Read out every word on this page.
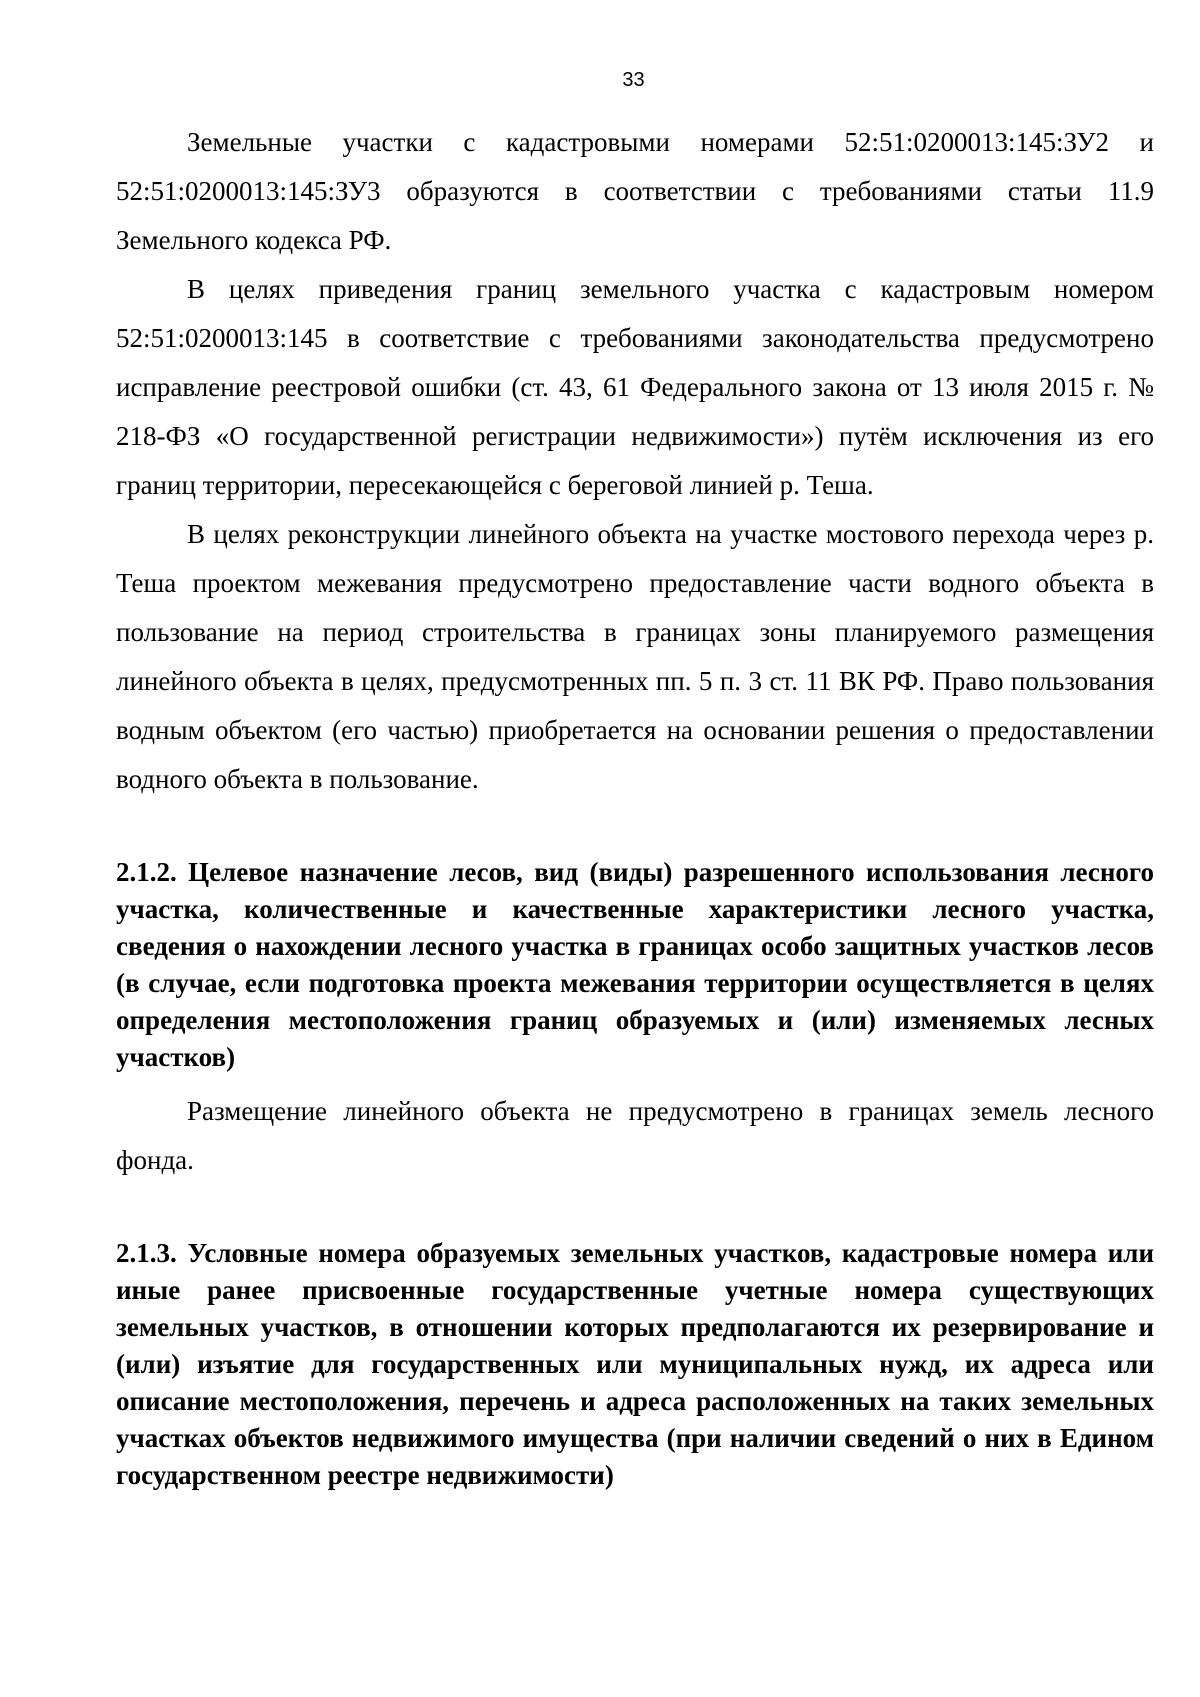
33

Земельные участки с кадастровыми номерами 52:51:0200013:145:ЗУ2 и 52:51:0200013:145:ЗУ3 образуются в соответствии с требованиями статьи 11.9 Земельного кодекса РФ.

В целях приведения границ земельного участка с кадастровым номером 52:51:0200013:145 в соответствие с требованиями законодательства предусмотрено исправление реестровой ошибки (ст. 43, 61 Федерального закона от 13 июля 2015 г. № 218-ФЗ «О государственной регистрации недвижимости») путём исключения из его границ территории, пересекающейся с береговой линией р. Теша.

В целях реконструкции линейного объекта на участке мостового перехода через р. Теша проектом межевания предусмотрено предоставление части водного объекта в пользование на период строительства в границах зоны планируемого размещения линейного объекта в целях, предусмотренных пп. 5 п. 3 ст. 11 ВК РФ. Право пользования водным объектом (его частью) приобретается на основании решения о предоставлении водного объекта в пользование.

2.1.2. Целевое назначение лесов, вид (виды) разрешенного использования лесного участка, количественные и качественные характеристики лесного участка, сведения о нахождении лесного участка в границах особо защитных участков лесов (в случае, если подготовка проекта межевания территории осуществляется в целях определения местоположения границ образуемых и (или) изменяемых лесных участков)

Размещение линейного объекта не предусмотрено в границах земель лесного фонда.

2.1.3. Условные номера образуемых земельных участков, кадастровые номера или иные ранее присвоенные государственные учетные номера существующих земельных участков, в отношении которых предполагаются их резервирование и (или) изъятие для государственных или муниципальных нужд, их адреса или описание местоположения, перечень и адреса расположенных на таких земельных участках объектов недвижимого имущества (при наличии сведений о них в Едином государственном реестре недвижимости)
